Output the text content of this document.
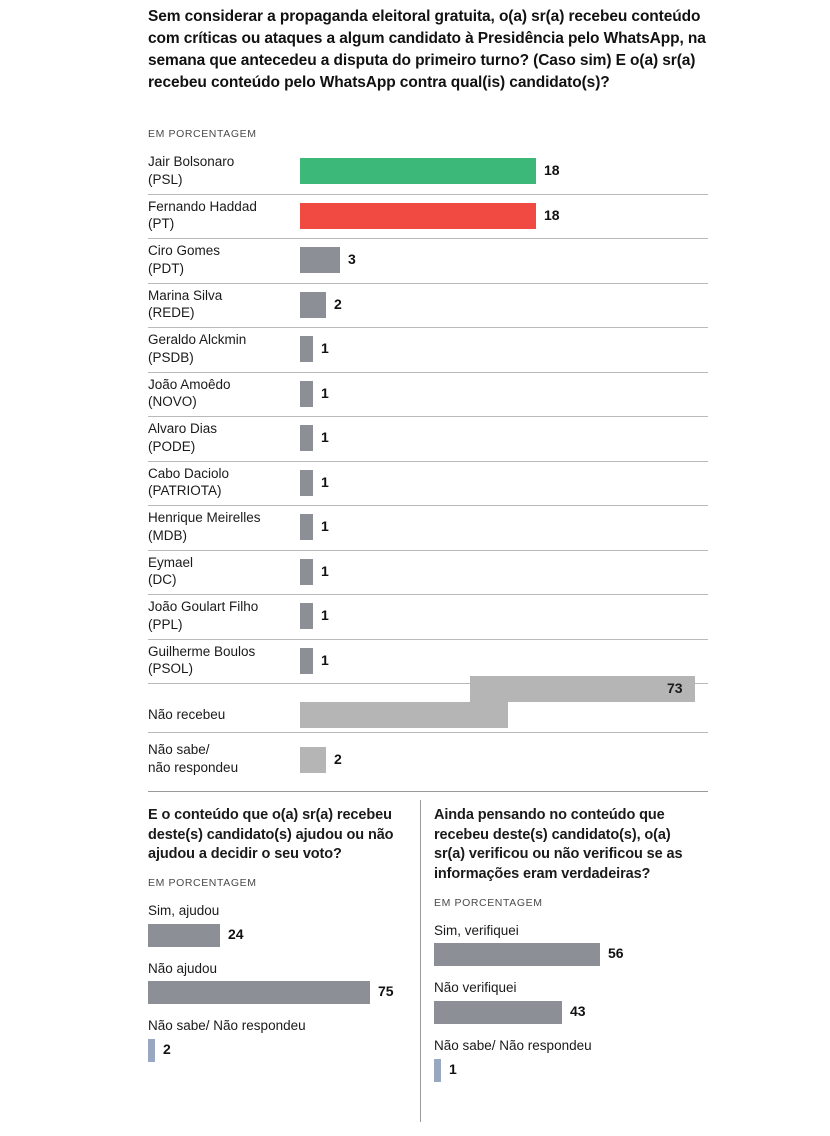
Sem considerar a propaganda eleitoral gratuita, o(a) sr(a) recebeu conteúdo com críticas ou ataques a algum candidato à Presidência pelo WhatsApp, na semana que antecedeu a disputa do primeiro turno? (Caso sim) E o(a) sr(a) recebeu conteúdo pelo WhatsApp contra qual(is) candidato(s)?
EM PORCENTAGEM
Jair Bolsonaro
(PSL)
18
Fernando Haddad
(PT)
18
Ciro Gomes
(PDT)
3
Marina Silva
(REDE)
2
Geraldo Alckmin
(PSDB)
1
João Amoêdo
(NOVO)
1
Alvaro Dias
(PODE)
1
Cabo Daciolo
(PATRIOTA)
1
Henrique Meirelles
(MDB)
1
Eymael
(DC)
1
João Goulart Filho
(PPL)
1
Guilherme Boulos
(PSOL)
1
Não recebeu
73
Não sabe/
não respondeu
2
E o conteúdo que o(a) sr(a) recebeu deste(s) candidato(s) ajudou ou não ajudou a decidir o seu voto?
EM PORCENTAGEM
Sim, ajudou
24
Não ajudou
75
Não sabe/ Não respondeu
2
Ainda pensando no conteúdo que recebeu deste(s) candidato(s), o(a) sr(a) verificou ou não verificou se as informações eram verdadeiras?
EM PORCENTAGEM
Sim, verifiquei
56
Não verifiquei
43
Não sabe/ Não respondeu
1
